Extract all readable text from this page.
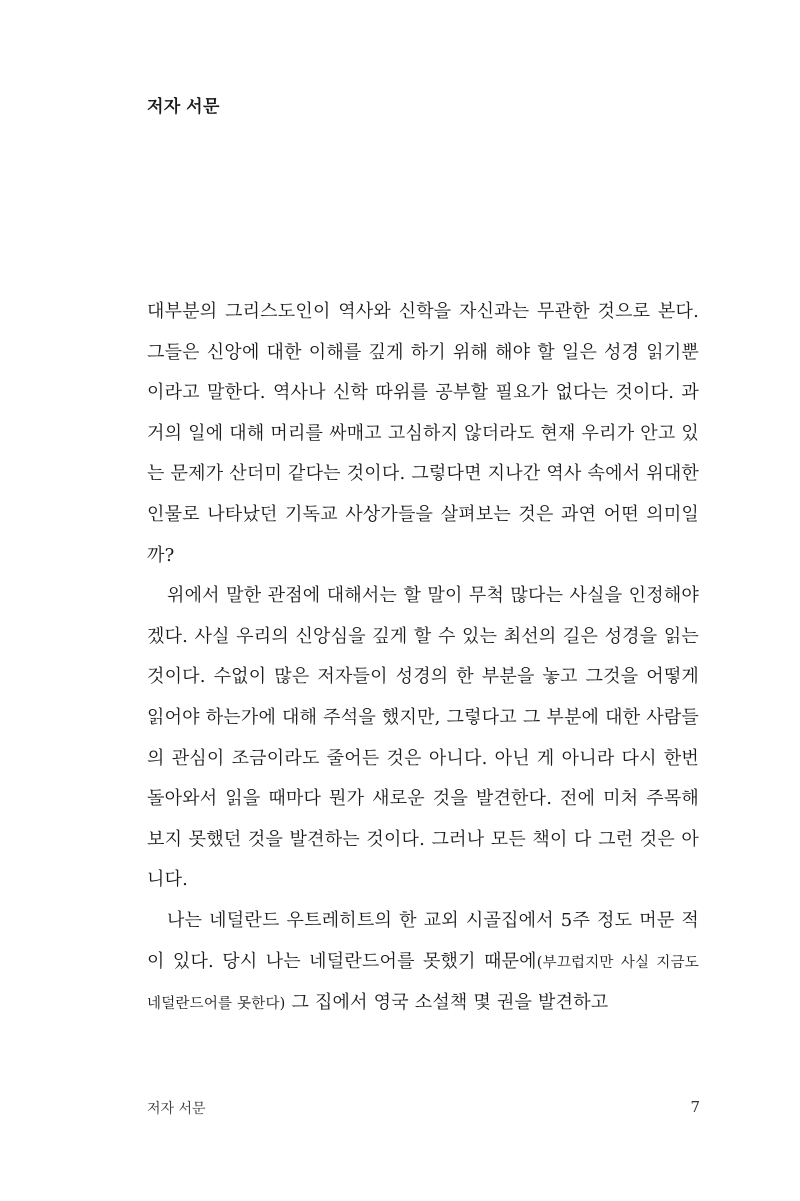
저자 서문

대부분의 그리스도인이 역사와 신학을 자신과는 무관한 것으로 본다. 그들은 신앙에 대한 이해를 깊게 하기 위해 해야 할 일은 성경 읽기뿐이라고 말한다. 역사나 신학 따위를 공부할 필요가 없다는 것이다. 과거의 일에 대해 머리를 싸매고 고심하지 않더라도 현재 우리가 안고 있는 문제가 산더미 같다는 것이다. 그렇다면 지나간 역사 속에서 위대한 인물로 나타났던 기독교 사상가들을 살펴보는 것은 과연 어떤 의미일까?

위에서 말한 관점에 대해서는 할 말이 무척 많다는 사실을 인정해야겠다. 사실 우리의 신앙심을 깊게 할 수 있는 최선의 길은 성경을 읽는 것이다. 수없이 많은 저자들이 성경의 한 부분을 놓고 그것을 어떻게 읽어야 하는가에 대해 주석을 했지만, 그렇다고 그 부분에 대한 사람들의 관심이 조금이라도 줄어든 것은 아니다. 아닌 게 아니라 다시 한번 돌아와서 읽을 때마다 뭔가 새로운 것을 발견한다. 전에 미처 주목해 보지 못했던 것을 발견하는 것이다. 그러나 모든 책이 다 그런 것은 아니다.

나는 네덜란드 우트레히트의 한 교외 시골집에서 5주 정도 머문 적이 있다. 당시 나는 네덜란드어를 못했기 때문에(부끄럽지만 사실 지금도 네덜란드어를 못한다) 그 집에서 영국 소설책 몇 권을 발견하고

저자 서문	7
